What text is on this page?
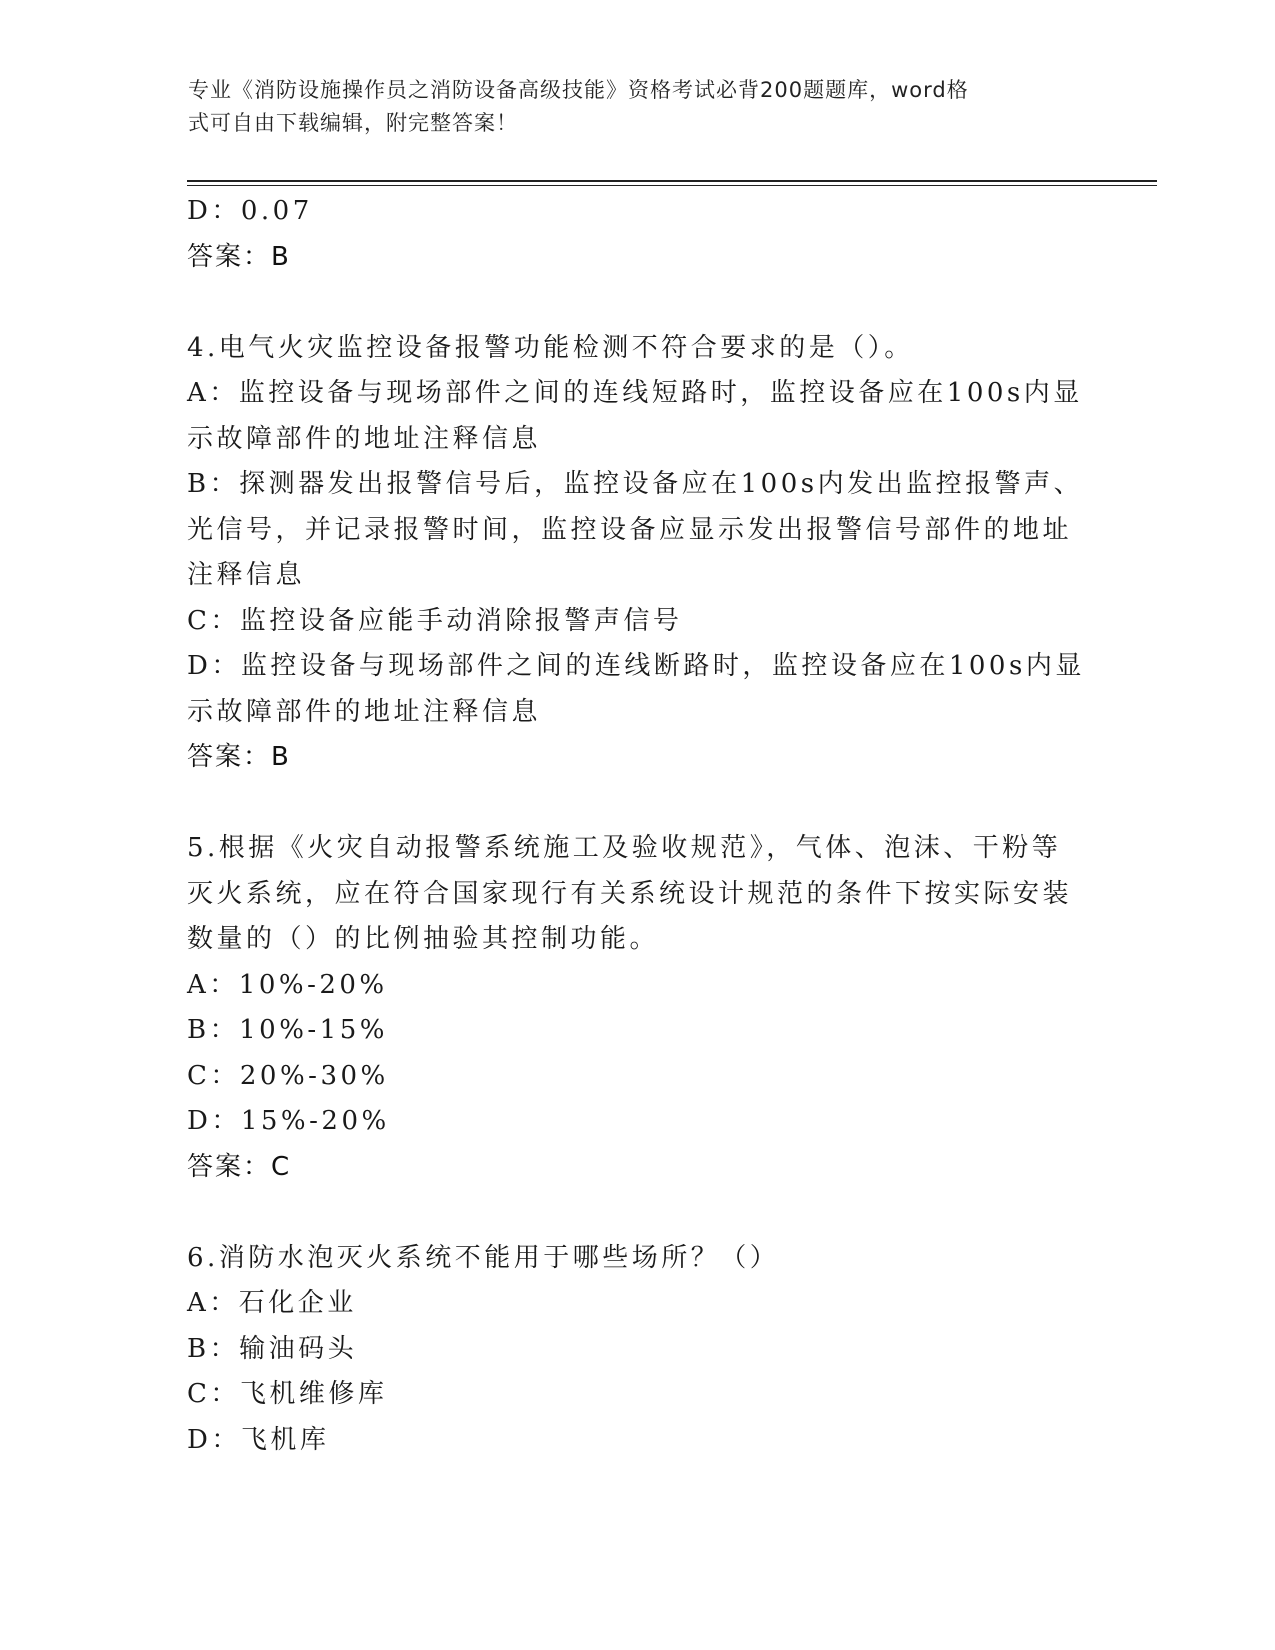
专业《消防设施操作员之消防设备高级技能》资格考试必背200题题库，word格
式可自由下载编辑，附完整答案！
D：0.07
答案：B
4.电气火灾监控设备报警功能检测不符合要求的是（）。
A：监控设备与现场部件之间的连线短路时，监控设备应在100s内显
示故障部件的地址注释信息
B：探测器发出报警信号后，监控设备应在100s内发出监控报警声、
光信号，并记录报警时间，监控设备应显示发出报警信号部件的地址
注释信息
C：监控设备应能手动消除报警声信号
D：监控设备与现场部件之间的连线断路时，监控设备应在100s内显
示故障部件的地址注释信息
答案：B
5.根据《火灾自动报警系统施工及验收规范》，气体、泡沫、干粉等
灭火系统，应在符合国家现行有关系统设计规范的条件下按实际安装
数量的（）的比例抽验其控制功能。
A：10%-20%
B：10%-15%
C：20%-30%
D：15%-20%
答案：C
6.消防水泡灭火系统不能用于哪些场所？（）
A：石化企业
B：输油码头
C：飞机维修库
D：飞机库
